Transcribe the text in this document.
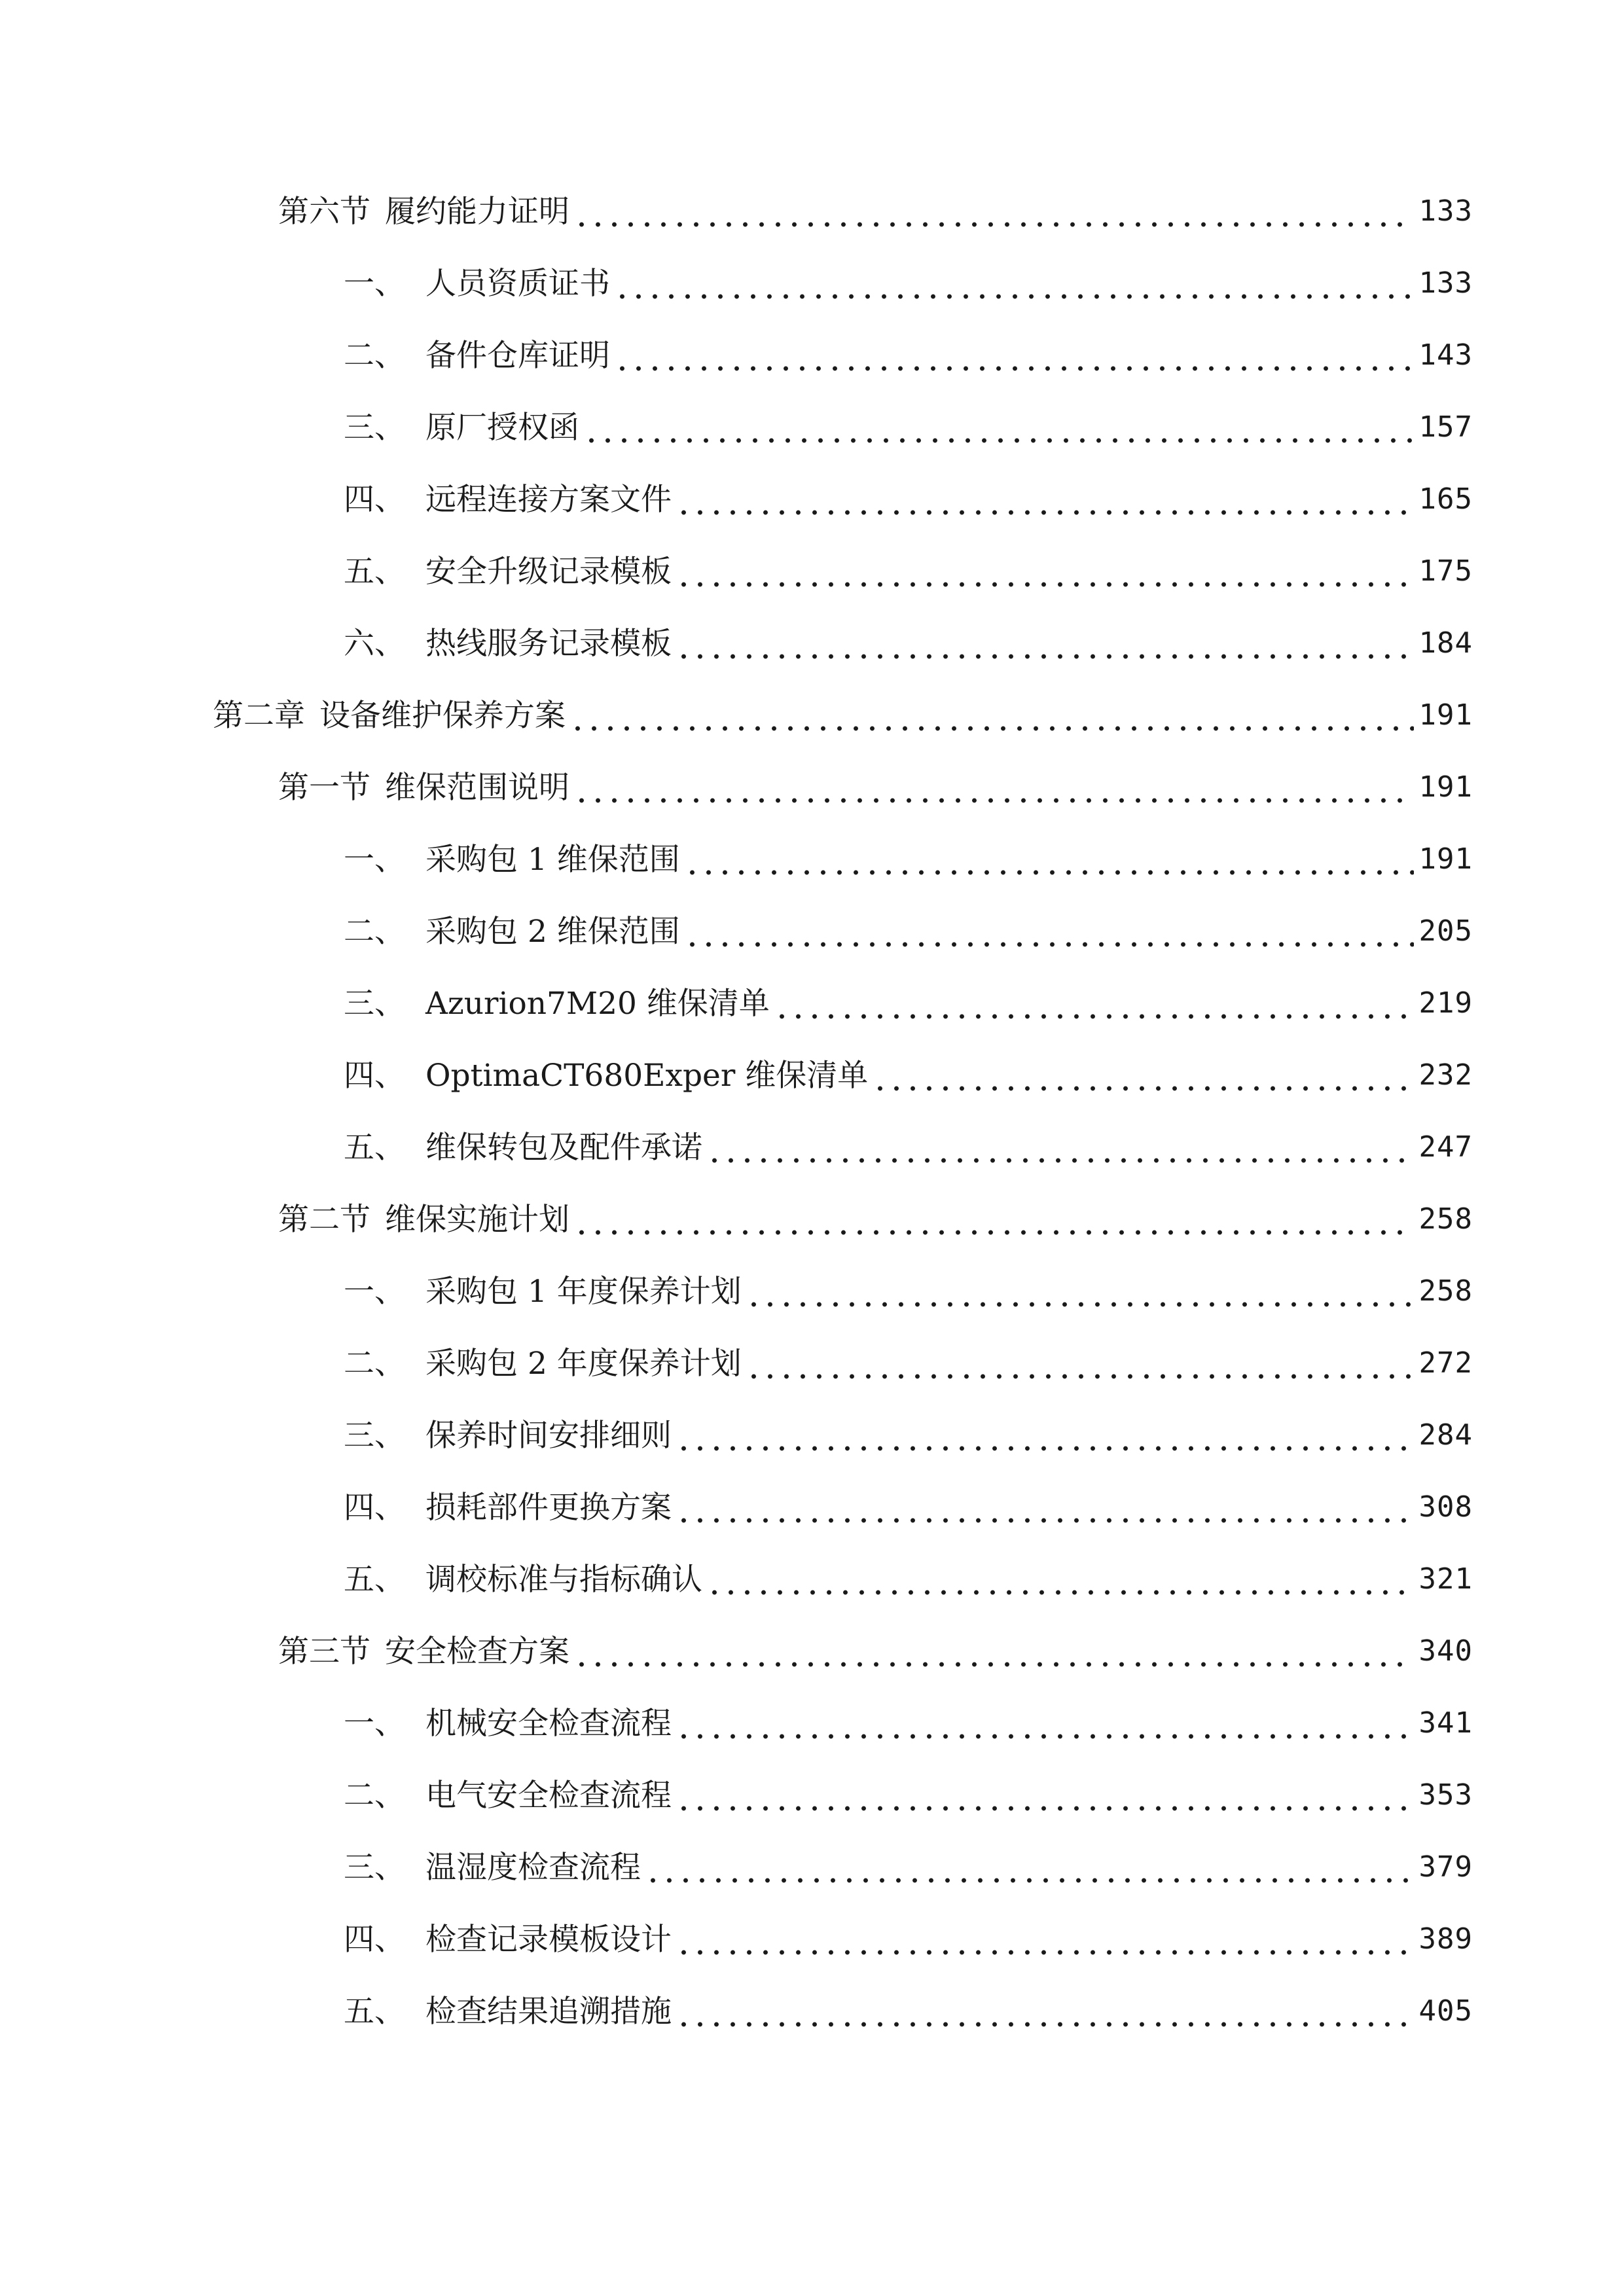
第六节 履约能力证明	133
一、 人员资质证书	133
二、 备件仓库证明	143
三、 原厂授权函	157
四、 远程连接方案文件	165
五、 安全升级记录模板	175
六、 热线服务记录模板	184
第二章 设备维护保养方案	191
第一节 维保范围说明	191
一、 采购包 1 维保范围	191
二、 采购包 2 维保范围	205
三、 Azurion7M20 维保清单	219
四、 OptimaCT680Exper 维保清单	232
五、 维保转包及配件承诺	247
第二节 维保实施计划	258
一、 采购包 1 年度保养计划	258
二、 采购包 2 年度保养计划	272
三、 保养时间安排细则	284
四、 损耗部件更换方案	308
五、 调校标准与指标确认	321
第三节 安全检查方案	340
一、 机械安全检查流程	341
二、 电气安全检查流程	353
三、 温湿度检查流程	379
四、 检查记录模板设计	389
五、 检查结果追溯措施	405
